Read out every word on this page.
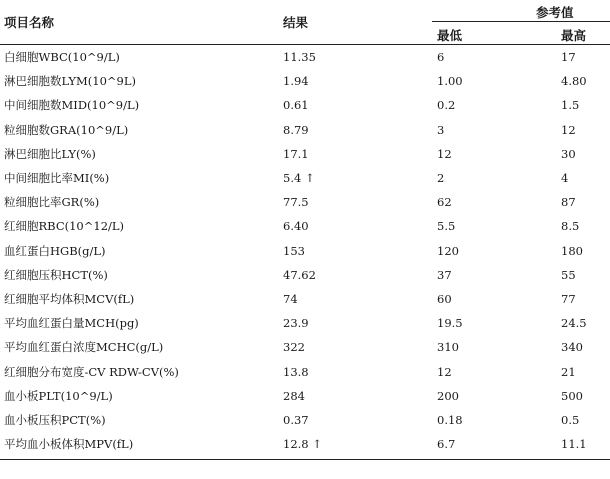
项目名称	结果
参考值
最低	最高
白细胞WBC(10^9/L)	11.35	6	17
淋巴细胞数LYM(10^9L)	1.94	1.00	4.80
中间细胞数MID(10^9/L)	0.61	0.2	1.5
粒细胞数GRA(10^9/L)	8.79	3	12
淋巴细胞比LY(%)	17.1	12	30
中间细胞比率MI(%)	5.4 ↑	2	4
粒细胞比率GR(%)	77.5	62	87
红细胞RBC(10^12/L)	6.40	5.5	8.5
血红蛋白HGB(g/L)	153	120	180
红细胞压积HCT(%)	47.62	37	55
红细胞平均体积MCV(fL)	74	60	77
平均血红蛋白量MCH(pg)	23.9	19.5	24.5
平均血红蛋白浓度MCHC(g/L)	322	310	340
红细胞分布宽度-CV RDW-CV(%)	13.8	12	21
血小板PLT(10^9/L)	284	200	500
血小板压积PCT(%)	0.37	0.18	0.5
平均血小板体积MPV(fL)	12.8 ↑	6.7	11.1
